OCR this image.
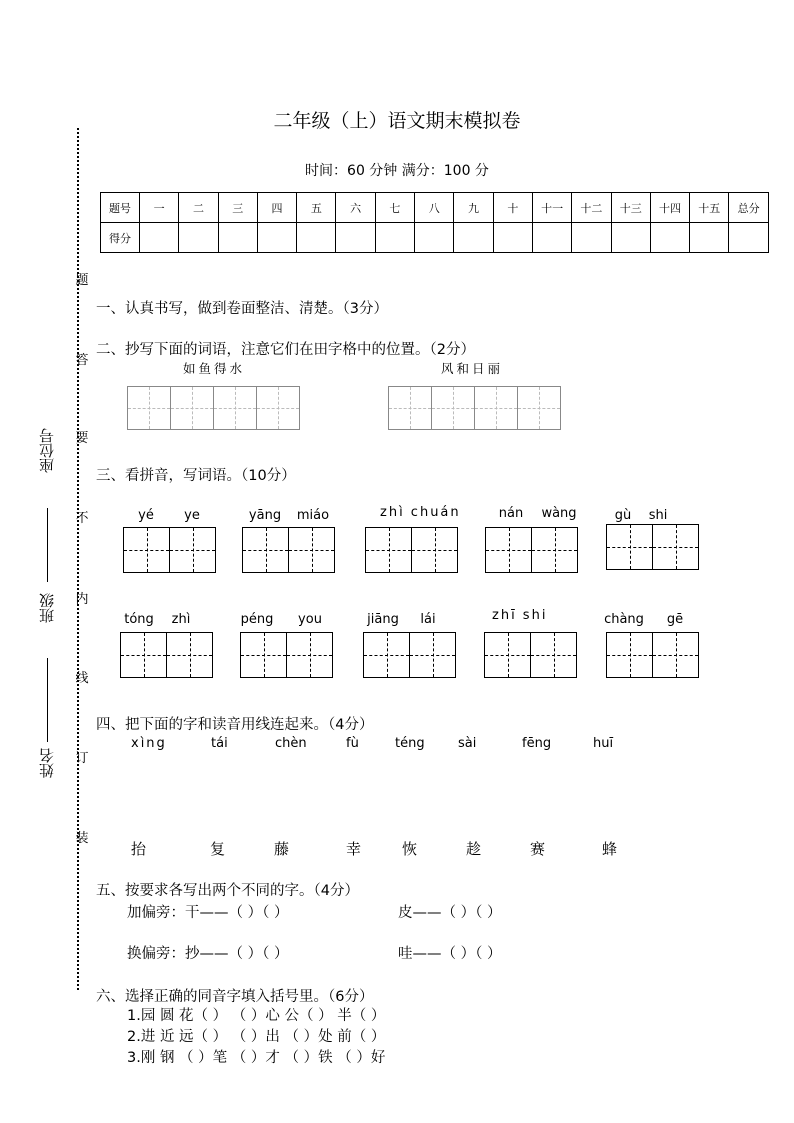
二年级（上）语文期末模拟卷
时间：60 分钟 满分：100 分
题号	一	二	三	四	五	六	七	八	九	十	十一	十二	十三	十四	十五	总分
得分																
题
答
要
不
内
线
订
装
座位号
班级
姓名
一、认真书写，做到卷面整洁、清楚。（3分）
二、抄写下面的词语，注意它们在田字格中的位置。（2分）
如鱼得水	风和日丽
三、看拼音，写词语。（10分）
yé	ye	yāng	miáo	zhì chuán	nán	wàng	gù	shi
tóng	zhì	péng	you	jiāng	lái	zhī shi	chàng	gē
四、把下面的字和读音用线连起来。（4分）
xìng	tái	chèn	fù	téng	sài	fēng	huī
抬	复	藤	幸	恢	趁	赛	蜂
五、按要求各写出两个不同的字。（4分）
加偏旁：干——（ ）（ ）	皮——（ ）（ ）
换偏旁：抄——（ ）（ ）	哇——（ ）（ ）
六、选择正确的同音字填入括号里。（6分）
1.园 圆 花（ ） （ ）心 公（ ） 半（ ）
2.进 近 远（ ） （ ）出 （ ）处 前（ ）
3.刚 钢 （ ）笔 （ ）才 （ ）铁 （ ）好
